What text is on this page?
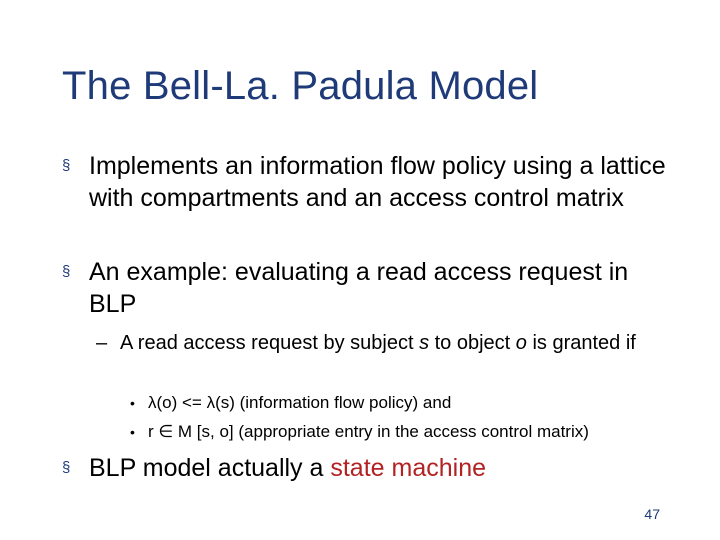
The Bell-La. Padula Model
§ Implements an information flow policy using a lattice with compartments and an access control matrix
§ An example: evaluating a read access request in BLP
– A read access request by subject s to object o is granted if
• λ(o) <= λ(s) (information flow policy) and
• r ∈ M [s, o] (appropriate entry in the access control matrix)
§ BLP model actually a state machine
47
